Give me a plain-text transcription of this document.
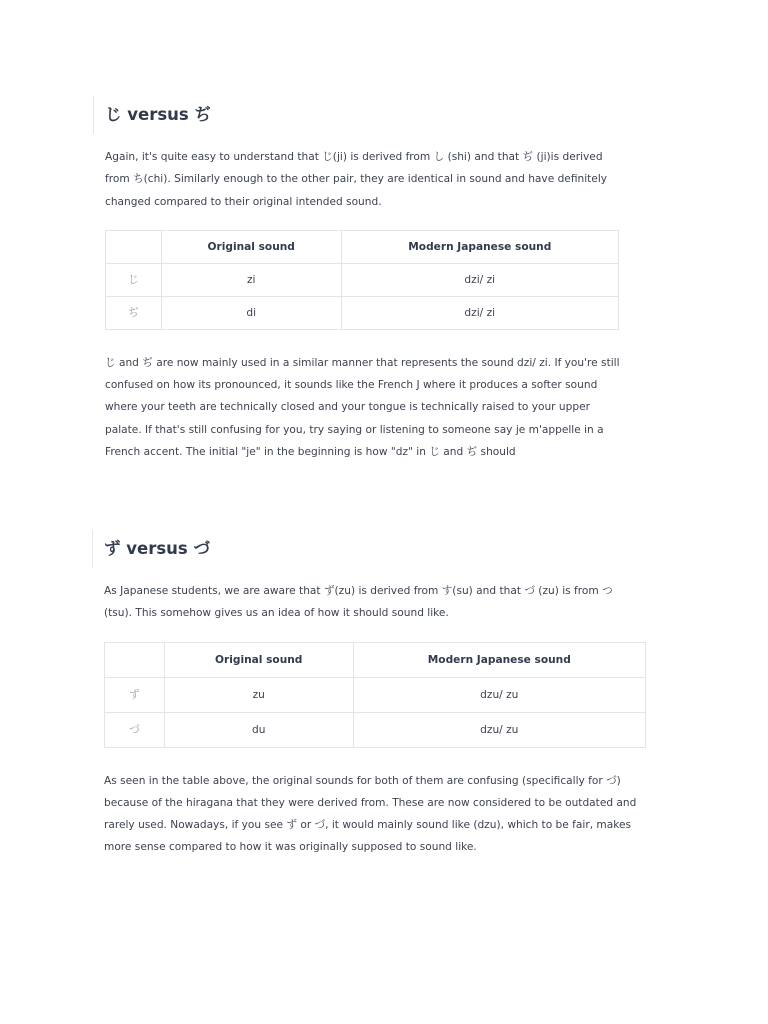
じ versus ぢ

Again, it's quite easy to understand that じ(ji) is derived from し (shi) and that ぢ (ji)is derived from ち(chi). Similarly enough to the other pair, they are identical in sound and have definitely changed compared to their original intended sound.

	Original sound	Modern Japanese sound
じ	zi	dzi/ zi
ぢ	di	dzi/ zi

じ and ぢ are now mainly used in a similar manner that represents the sound dzi/ zi. If you're still confused on how its pronounced, it sounds like the French J where it produces a softer sound where your teeth are technically closed and your tongue is technically raised to your upper palate. If that's still confusing for you, try saying or listening to someone say je m'appelle in a French accent. The initial "je" in the beginning is how "dz" in じ and ぢ should

ず versus づ

As Japanese students, we are aware that ず(zu) is derived from す(su) and that づ (zu) is from つ (tsu). This somehow gives us an idea of how it should sound like.

	Original sound	Modern Japanese sound
ず	zu	dzu/ zu
づ	du	dzu/ zu

As seen in the table above, the original sounds for both of them are confusing (specifically for づ) because of the hiragana that they were derived from. These are now considered to be outdated and rarely used. Nowadays, if you see ず or づ, it would mainly sound like (dzu), which to be fair, makes more sense compared to how it was originally supposed to sound like.
